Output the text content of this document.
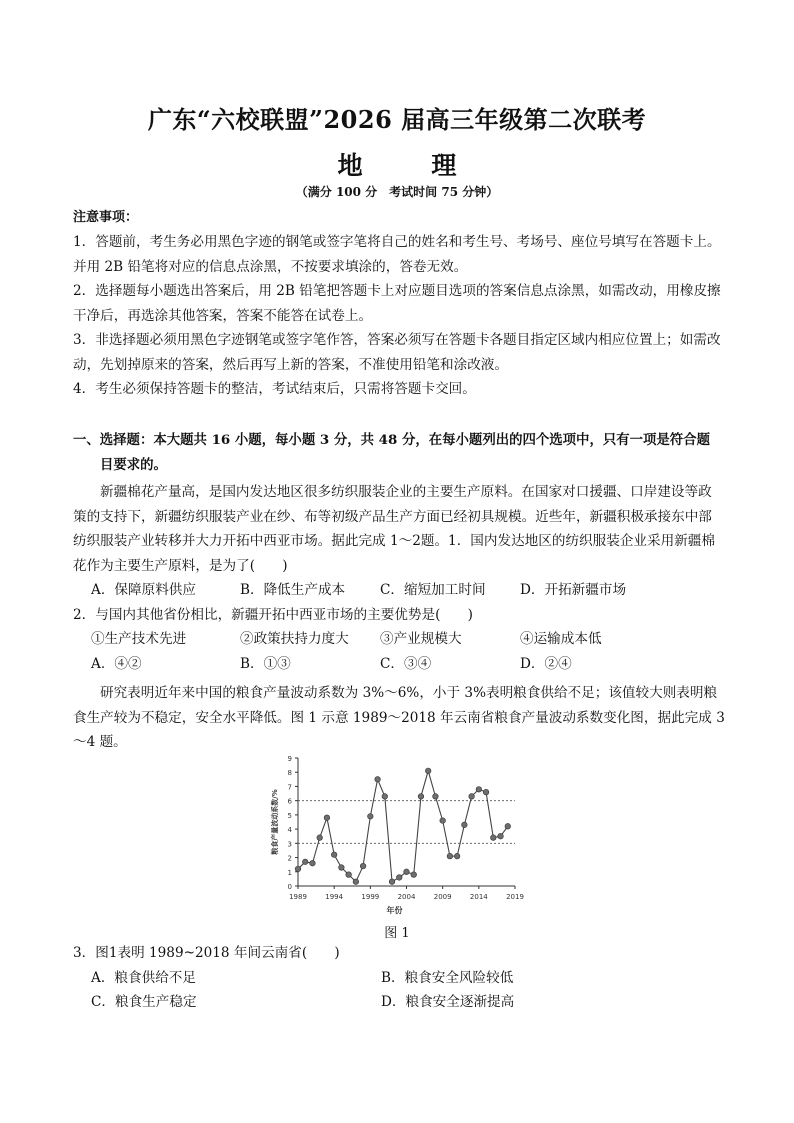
广东“六校联盟”2026 届高三年级第二次联考
地 理
（满分 100 分　考试时间 75 分钟）
注意事项：

1．答题前，考生务必用黑色字迹的钢笔或签字笔将自己的姓名和考生号、考场号、座位号填写在答题卡上。并用 2B 铅笔将对应的信息点涂黑，不按要求填涂的，答卷无效。

2．选择题每小题选出答案后，用 2B 铅笔把答题卡上对应题目选项的答案信息点涂黑，如需改动，用橡皮擦干净后，再选涂其他答案，答案不能答在试卷上。

3．非选择题必须用黑色字迹钢笔或签字笔作答，答案必须写在答题卡各题目指定区域内相应位置上；如需改动，先划掉原来的答案，然后再写上新的答案，不准使用铅笔和涂改液。

4．考生必须保持答题卡的整洁，考试结束后，只需将答题卡交回。

一、选择题：本大题共 16 小题，每小题 3 分，共 48 分，在每小题列出的四个选项中，只有一项是符合题
目要求的。

新疆棉花产量高，是国内发达地区很多纺织服装企业的主要生产原料。在国家对口援疆、口岸建设等政策的支持下，新疆纺织服装产业在纱、布等初级产品生产方面已经初具规模。近些年，新疆积极承接东中部纺织服装产业转移并大力开拓中西亚市场。据此完成 1～2题。1．国内发达地区的纺织服装企业采用新疆棉花作为主要生产原料，是为了(　　)

A．保障原料供应	B．降低生产成本	C．缩短加工时间	D．开拓新疆市场

2．与国内其他省份相比，新疆开拓中西亚市场的主要优势是(　　)

①生产技术先进	②政策扶持力度大	③产业规模大	④运输成本低
A．④②	B．①③	C．③④	D．②④

研究表明近年来中国的粮食产量波动系数为 3%～6%，小于 3%表明粮食供给不足；该值较大则表明粮食生产较为不稳定，安全水平降低。图 1 示意 1989～2018 年云南省粮食产量波动系数变化图，据此完成 3～4 题。

0
1
2
3
4
5
6
7
8
9
1989	1994	1999	2004	2009	2014	2019
年份
粮食产量波动系数/%
图 1

3．图1表明 1989~2018 年间云南省(　　)

A．粮食供给不足	B．粮食安全风险较低
C．粮食生产稳定	D．粮食安全逐渐提高
